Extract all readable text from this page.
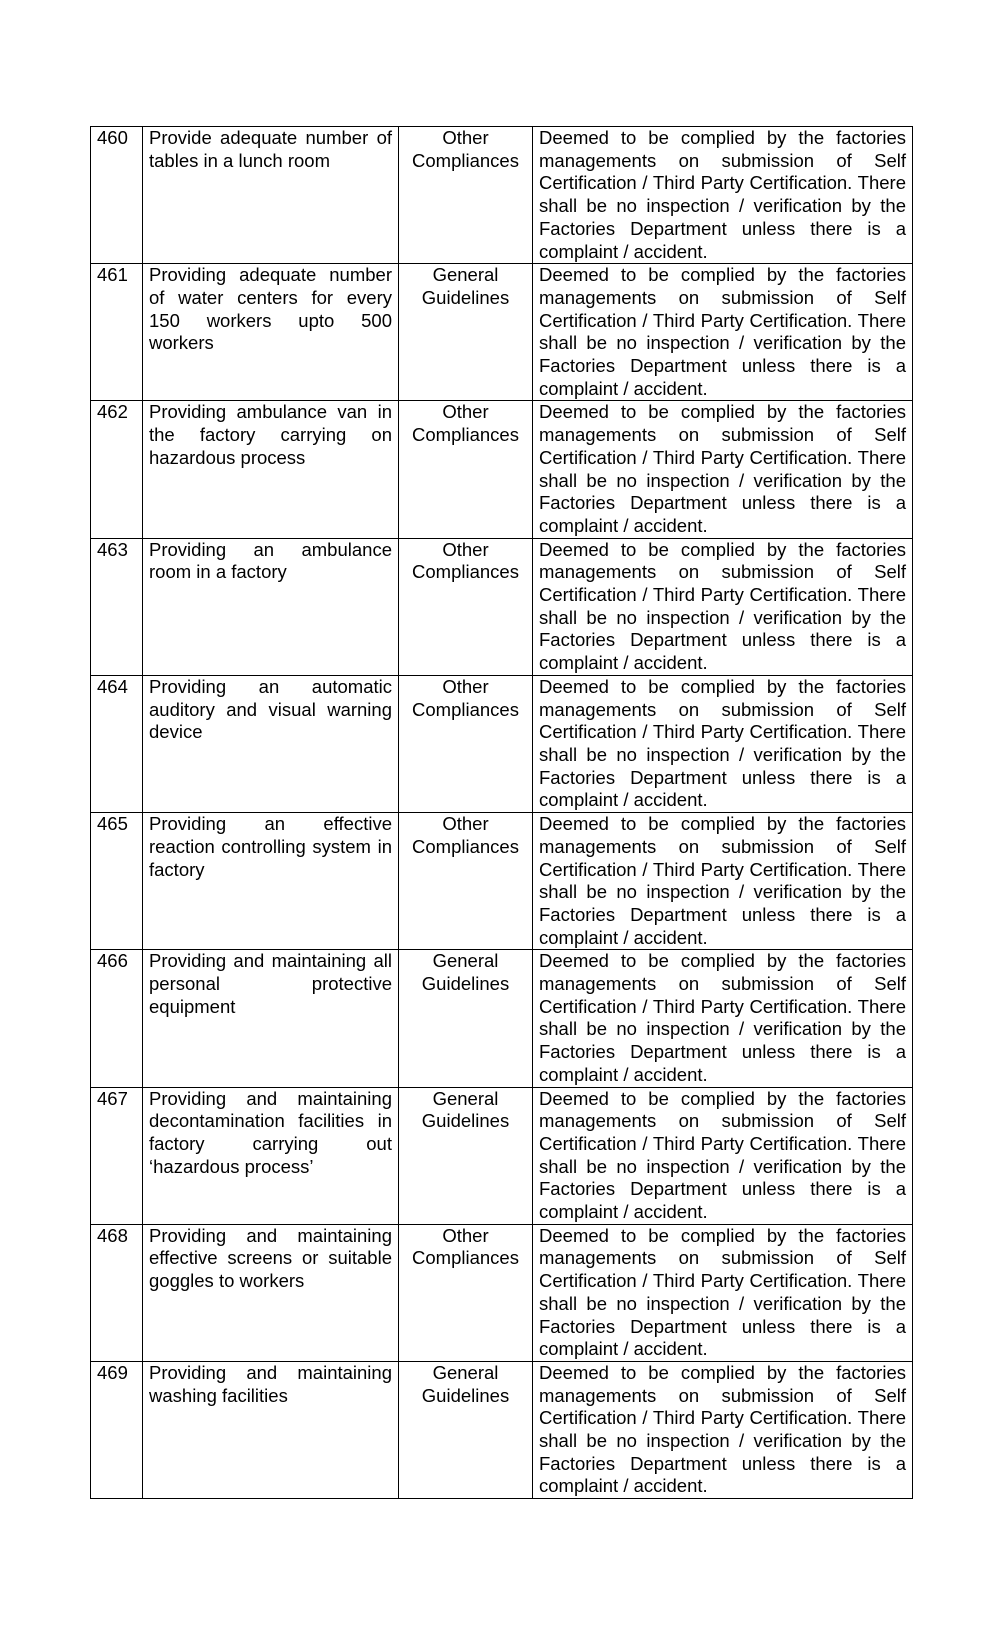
460	Provide adequate number of tables in a lunch room	Other Compliances	Deemed to be complied by the factories managements on submission of Self Certification / Third Party Certification. There shall be no inspection / verification by the Factories Department unless there is a complaint / accident.
461	Providing adequate number of water centers for every 150 workers upto 500 workers	General Guidelines	Deemed to be complied by the factories managements on submission of Self Certification / Third Party Certification. There shall be no inspection / verification by the Factories Department unless there is a complaint / accident.
462	Providing ambulance van in the factory carrying on hazardous process	Other Compliances	Deemed to be complied by the factories managements on submission of Self Certification / Third Party Certification. There shall be no inspection / verification by the Factories Department unless there is a complaint / accident.
463	Providing an ambulance room in a factory	Other Compliances	Deemed to be complied by the factories managements on submission of Self Certification / Third Party Certification. There shall be no inspection / verification by the Factories Department unless there is a complaint / accident.
464	Providing an automatic auditory and visual warning device	Other Compliances	Deemed to be complied by the factories managements on submission of Self Certification / Third Party Certification. There shall be no inspection / verification by the Factories Department unless there is a complaint / accident.
465	Providing an effective reaction controlling system in factory	Other Compliances	Deemed to be complied by the factories managements on submission of Self Certification / Third Party Certification. There shall be no inspection / verification by the Factories Department unless there is a complaint / accident.
466	Providing and maintaining all personal protective equipment	General Guidelines	Deemed to be complied by the factories managements on submission of Self Certification / Third Party Certification. There shall be no inspection / verification by the Factories Department unless there is a complaint / accident.
467	Providing and maintaining decontamination facilities in factory carrying out ‘hazardous process’	General Guidelines	Deemed to be complied by the factories managements on submission of Self Certification / Third Party Certification. There shall be no inspection / verification by the Factories Department unless there is a complaint / accident.
468	Providing and maintaining effective screens or suitable goggles to workers	Other Compliances	Deemed to be complied by the factories managements on submission of Self Certification / Third Party Certification. There shall be no inspection / verification by the Factories Department unless there is a complaint / accident.
469	Providing and maintaining washing facilities	General Guidelines	Deemed to be complied by the factories managements on submission of Self Certification / Third Party Certification. There shall be no inspection / verification by the Factories Department unless there is a complaint / accident.
